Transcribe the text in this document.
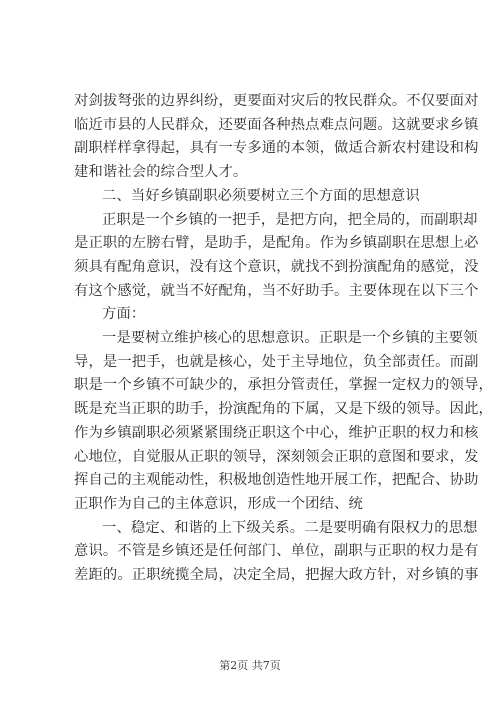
对剑拔弩张的边界纠纷，更要面对灾后的牧民群众。不仅要面对
临近市县的人民群众，还要面各种热点难点问题。这就要求乡镇
副职样样拿得起，具有一专多通的本领，做适合新农村建设和构
建和谐社会的综合型人才。
二、当好乡镇副职必须要树立三个方面的思想意识
正职是一个乡镇的一把手，是把方向，把全局的，而副职却
是正职的左膀右臂，是助手，是配角。作为乡镇副职在思想上必
须具有配角意识，没有这个意识，就找不到扮演配角的感觉，没
有这个感觉，就当不好配角，当不好助手。主要体现在以下三个
方面：
一是要树立维护核心的思想意识。正职是一个乡镇的主要领
导，是一把手，也就是核心，处于主导地位，负全部责任。而副
职是一个乡镇不可缺少的，承担分管责任，掌握一定权力的领导，
既是充当正职的助手，扮演配角的下属，又是下级的领导。因此，
作为乡镇副职必须紧紧围绕正职这个中心，维护正职的权力和核
心地位，自觉服从正职的领导，深刻领会正职的意图和要求，发
挥自己的主观能动性，积极地创造性地开展工作，把配合、协助
正职作为自己的主体意识，形成一个团结、统
一、稳定、和谐的上下级关系。二是要明确有限权力的思想
意识。不管是乡镇还是任何部门、单位，副职与正职的权力是有
差距的。正职统揽全局，决定全局，把握大政方针，对乡镇的事
第2页 共7页
